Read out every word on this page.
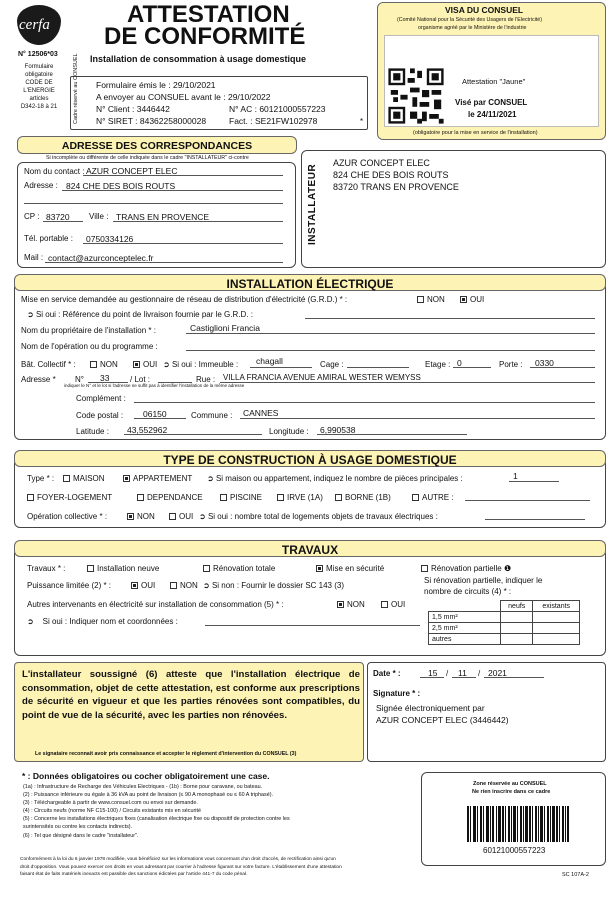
cerfa
N° 12506*03
Formulaire
obligatoire
CODE DE
L'ENERGIE
articles
D342-18 à 21
ATTESTATION
DE CONFORMITÉ
Installation de consommation à usage domestique
Cadre réservé au CONSUEL Formulaire émis le : 29/10/2021
A envoyer au CONSUEL avant le : 29/10/2022
N° Client : 3446442	N° AC : 60121000557223
N° SIRET : 84362258000028	Fact. : SE21FW102978	*
VISA DU CONSUEL
(Comité National pour la Sécurité des Usagers de l'Electricité)
organisme agréé par le Ministère de l'industrie
Attestation "Jaune"
Visé par CONSUEL
le 24/11/2021
(obligatoire pour la mise en service de l'installation)
ADRESSE DES CORRESPONDANCES
Si incomplète ou différente de celle indiquée dans le cadre "INSTALLATEUR" ci-contre
Nom du contact : AZUR CONCEPT ELEC
Adresse : 824 CHE DES BOIS ROUTS
CP : 83720 Ville : TRANS EN PROVENCE
Tél. portable : 0750334126
Mail : contact@azurconceptelec.fr
INSTALLATEUR
AZUR CONCEPT ELEC
824 CHE DES BOIS ROUTS
83720 TRANS EN PROVENCE
INSTALLATION ÉLECTRIQUE
Mise en service demandée au gestionnaire de réseau de distribution d'électricité (G.R.D.) * :	NON	OUI
➲ Si oui : Référence du point de livraison fournie par le G.R.D. :
Nom du propriétaire de l'installation * :	Castiglioni Francia
Nom de l'opération ou du programme :
Bât. Collectif * :	NON	OUI ➲ Si oui : Immeuble : chagall	Cage :	Etage : 0	Porte : 0330
Adresse * N° 33	/ Lot :	Rue : VILLA FRANCIA AVENUE AMIRAL WESTER WEMYSS
indiquer le N° et le lot si l'adresse ne suffit pas à identifier l'installation de la même adresse
Complément :
Code postal : 06150	Commune : CANNES
Latitude : 43,552962	Longitude : 6,990538
TYPE DE CONSTRUCTION À USAGE DOMESTIQUE
Type * :	MAISON	APPARTEMENT ➲ Si maison ou appartement, indiquez le nombre de pièces principales :	1
FOYER-LOGEMENT	DEPENDANCE	PISCINE	IRVE (1A)	BORNE (1B)	AUTRE :
Opération collective * :	NON	OUI ➲ Si oui : nombre total de logements objets de travaux électriques :
TRAVAUX
Travaux * :	Installation neuve	Rénovation totale	Mise en sécurité	Rénovation partielle ❶
Si rénovation partielle, indiquer le
nombre de circuits (4) * :
Puissance limitée (2) * :	OUI	NON ➲ Si non : Fournir le dossier SC 143 (3)
Autres intervenants en électricité sur installation de consommation (5) * :	NON	OUI
➲    Si oui : Indiquer nom et coordonnées :
	neufs	existants
1,5 mm²		
2,5 mm²		
autres		
L'installateur soussigné (6) atteste que l'installation électrique de consommation, objet de cette attestation, est conforme aux prescriptions de sécurité en vigueur et que les parties rénovées sont compatibles, du point de vue de la sécurité, avec les parties non rénovées.
Le signataire reconnait avoir pris connaissance et accepter le règlement d'intervention du CONSUEL (3)
Date * :	15 / 11 / 2021
Signature * :
Signée électroniquement par
AZUR CONCEPT ELEC (3446442)
* : Données obligatoires ou cocher obligatoirement une case.
(1a) : Infrastructure de Recharge des Véhicules Electriques - (1b) : Borne pour caravane, ou bateau.
(2) : Puissance inférieure ou égale à 36 kVA au point de livraison (≤ 90 A monophasé ou ≤ 60 A triphasé).
(3) : Téléchargeable à partir de www.consuel.com ou envoi sur demande.
(4) : Circuits neufs (norme NF C15-100) / Circuits existants mis en sécurité
(5) : Concerne les installations électriques fixes (canalisation électrique fixe ou dispositif de protection contre les
surintensités ou contre les contacts indirects).
(6) : Tel que désigné dans le cadre "installateur".
Conformément à la loi du 6 janvier 1978 modifiée, vous bénéficiez sur les informations vous concernant d'un droit d'accès, de rectification ainsi qu'un
droit d'opposition. Vous pouvez exercer ces droits en vous adressant par courrier à l'adresse figurant sur votre facture. L'établissement d'une attestation
faisant état de faits matériels inexacts est passible des sanctions édictées par l'article 441-7 du code pénal.
Zone réservée au CONSUEL
Ne rien inscrire dans ce cadre
60121000557223
SC 107A-2
